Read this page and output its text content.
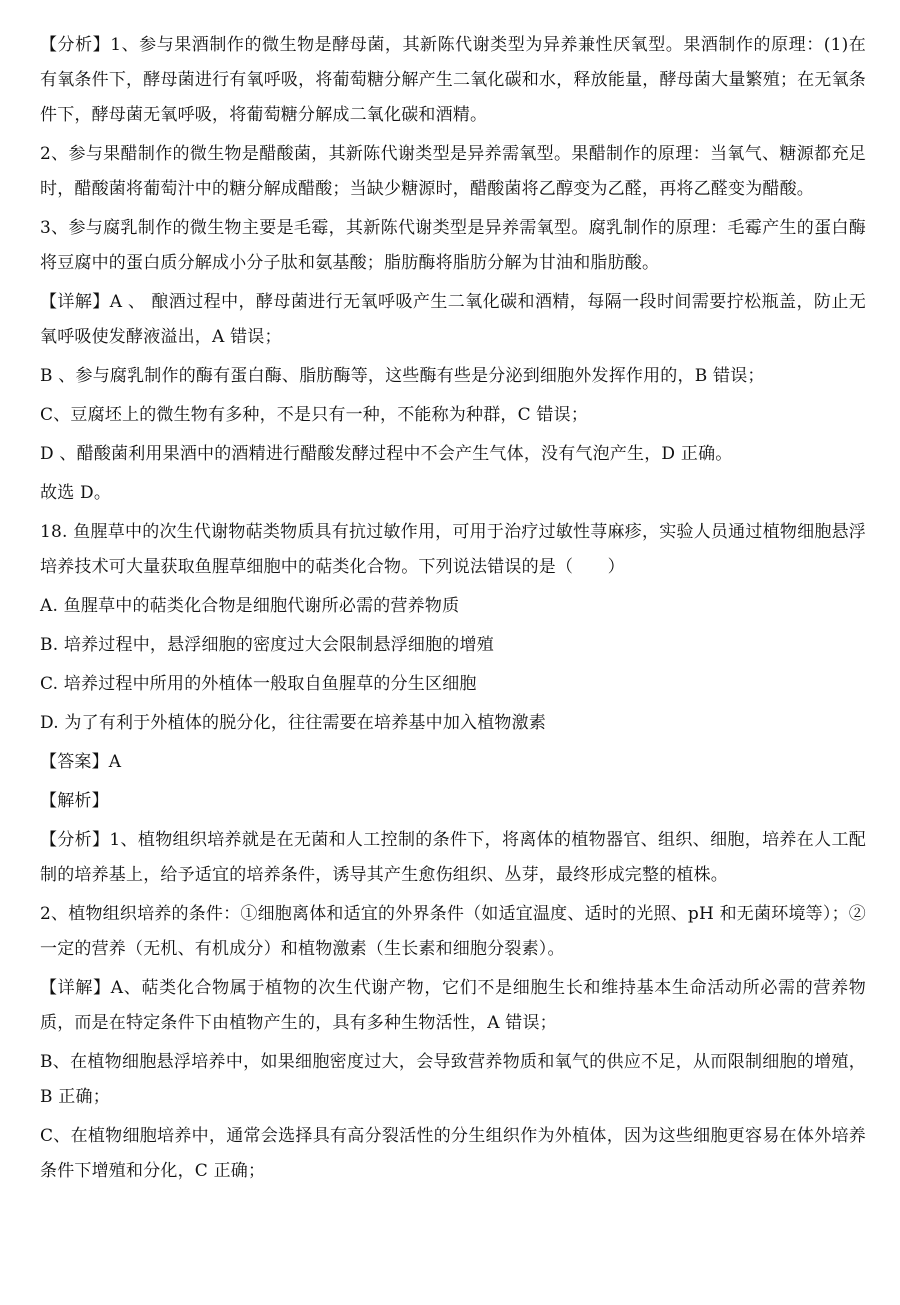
【分析】1、参与果酒制作的微生物是酵母菌，其新陈代谢类型为异养兼性厌氧型。果酒制作的原理：(1)在有氧条件下，酵母菌进行有氧呼吸，将葡萄糖分解产生二氧化碳和水，释放能量，酵母菌大量繁殖；在无氧条件下，酵母菌无氧呼吸，将葡萄糖分解成二氧化碳和酒精。

2、参与果醋制作的微生物是醋酸菌，其新陈代谢类型是异养需氧型。果醋制作的原理：当氧气、糖源都充足时，醋酸菌将葡萄汁中的糖分解成醋酸；当缺少糖源时，醋酸菌将乙醇变为乙醛，再将乙醛变为醋酸。

3、参与腐乳制作的微生物主要是毛霉，其新陈代谢类型是异养需氧型。腐乳制作的原理：毛霉产生的蛋白酶将豆腐中的蛋白质分解成小分子肽和氨基酸；脂肪酶将脂肪分解为甘油和脂肪酸。

【详解】A 、 酿酒过程中，酵母菌进行无氧呼吸产生二氧化碳和酒精，每隔一段时间需要拧松瓶盖，防止无氧呼吸使发酵液溢出，A 错误；

B 、参与腐乳制作的酶有蛋白酶、脂肪酶等，这些酶有些是分泌到细胞外发挥作用的，B 错误；

C、豆腐坯上的微生物有多种，不是只有一种，不能称为种群，C 错误；

D 、醋酸菌利用果酒中的酒精进行醋酸发酵过程中不会产生气体，没有气泡产生，D 正确。

故选 D。

18. 鱼腥草中的次生代谢物萜类物质具有抗过敏作用，可用于治疗过敏性荨麻疹，实验人员通过植物细胞悬浮培养技术可大量获取鱼腥草细胞中的萜类化合物。下列说法错误的是（　　）

A. 鱼腥草中的萜类化合物是细胞代谢所必需的营养物质

B. 培养过程中，悬浮细胞的密度过大会限制悬浮细胞的增殖

C. 培养过程中所用的外植体一般取自鱼腥草的分生区细胞

D. 为了有利于外植体的脱分化，往往需要在培养基中加入植物激素

【答案】A

【解析】

【分析】1、植物组织培养就是在无菌和人工控制的条件下，将离体的植物器官、组织、细胞，培养在人工配制的培养基上，给予适宜的培养条件，诱导其产生愈伤组织、丛芽，最终形成完整的植株。

2、植物组织培养的条件：①细胞离体和适宜的外界条件（如适宜温度、适时的光照、pH 和无菌环境等）；②一定的营养（无机、有机成分）和植物激素（生长素和细胞分裂素）。

【详解】A、萜类化合物属于植物的次生代谢产物，它们不是细胞生长和维持基本生命活动所必需的营养物质，而是在特定条件下由植物产生的，具有多种生物活性，A 错误；

B、在植物细胞悬浮培养中，如果细胞密度过大，会导致营养物质和氧气的供应不足，从而限制细胞的增殖，B 正确；

C、在植物细胞培养中，通常会选择具有高分裂活性的分生组织作为外植体，因为这些细胞更容易在体外培养条件下增殖和分化，C 正确；
